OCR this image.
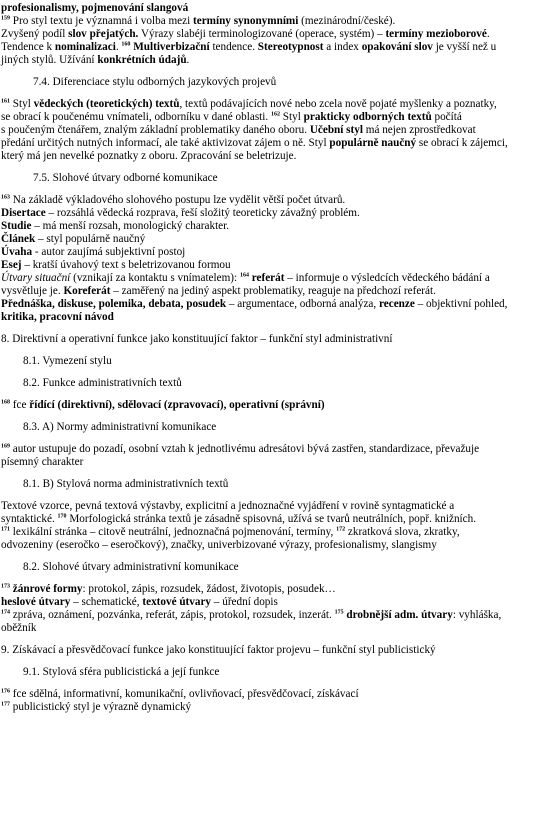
profesionalismy, pojmenování slangová

$^{159}$ Pro styl textu je významná i volba mezi termíny synonymními (mezinárodní/české).

Zvyšený podíl slov přejatých. Výrazy slabéji terminologizované (operace, systém) – termíny mezioborové.

Tendence k nominalizaci. $^{160}$ Multiverbizační tendence. Stereotypnost a index opakování slov je vyšší než u

jiných stylů. Užívání konkrétních údajů.

7.4. Diferenciace stylu odborných jazykových projevů

$^{161}$ Styl vědeckých (teoretických) textů, textů podávajících nové nebo zcela nově pojaté myšlenky a poznatky,

se obrací k poučenému vnímateli, odborníku v dané oblasti. $^{162}$ Styl prakticky odborných textů počítá

s poučeným čtenářem, znalým základní problematiky daného oboru. Učební styl má nejen zprostředkovat

předání určitých nutných informací, ale také aktivizovat zájem o ně. Styl populárně naučný se obrací k zájemci,

který má jen nevelké poznatky z oboru. Zpracování se beletrizuje.

7.5. Slohové útvary odborné komunikace

$^{163}$ Na základě výkladového slohového postupu lze vydělit větší počet útvarů.

Disertace – rozsáhlá vědecká rozprava, řeší složitý teoreticky závažný problém.

Studie – má menší rozsah, monologický charakter.

Článek – styl populárně naučný

Úvaha - autor zaujímá subjektivní postoj

Esej – kratší úvahový text s beletrizovanou formou

Útvary situační (vznikají za kontaktu s vnímatelem): $^{164}$ referát – informuje o výsledcích vědeckého bádání a

vysvětluje je. Koreferát – zaměřený na jediný aspekt problematiky, reaguje na předchozí referát.

Přednáška, diskuse, polemika, debata, posudek – argumentace, odborná analýza, recenze – objektivní pohled,

kritika, pracovní návod

8. Direktivní a operativní funkce jako konstituující faktor – funkční styl administrativní

8.1. Vymezení stylu

8.2. Funkce administrativních textů

$^{168}$ fce řídící (direktivní), sdělovací (zpravovací), operativní (správní)

8.3. A) Normy administrativní komunikace

$^{169}$ autor ustupuje do pozadí, osobní vztah k jednotlivému adresátovi bývá zastřen, standardizace, převažuje

písemný charakter

8.1. B) Stylová norma administrativních textů

Textové vzorce, pevná textová výstavby, explicitní a jednoznačné vyjádření v rovině syntagmatické a

syntaktické. $^{170}$ Morfologická stránka textů je zásadně spisovná, užívá se tvarů neutrálních, popř. knižních.

$^{171}$ lexikální stránka – citově neutrální, jednoznačná pojmenování, termíny, $^{172}$ zkratková slova, zkratky,

odvozeniny (eseročko – eseročkový), značky, univerbizované výrazy, profesionalismy, slangismy

8.2. Slohové útvary administrativní komunikace

$^{173}$ žánrové formy: protokol, zápis, rozsudek, žádost, životopis, posudek…

heslové útvary – schematické, textové útvary – úřední dopis

$^{174}$ zpráva, oznámení, pozvánka, referát, zápis, protokol, rozsudek, inzerát. $^{175}$ drobnější adm. útvary: vyhláška,

oběžník

9. Získávací a přesvědčovací funkce jako konstituující faktor projevu – funkční styl publicistický

9.1. Stylová sféra publicistická a její funkce

$^{176}$ fce sdělná, informativní, komunikační, ovlivňovací, přesvědčovací, získávací

$^{177}$ publicistický styl je výrazně dynamický
